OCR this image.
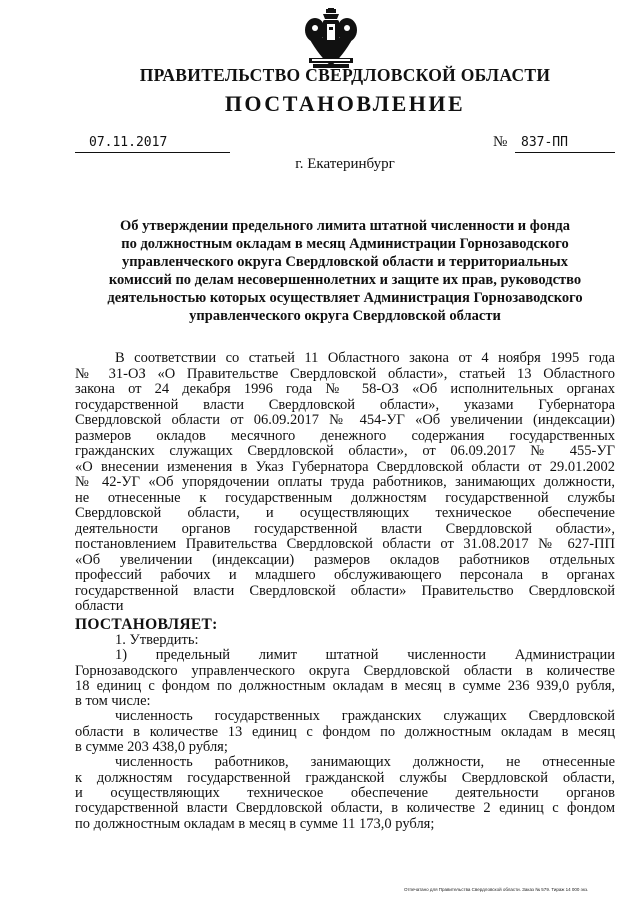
ПРАВИТЕЛЬСТВО СВЕРДЛОВСКОЙ ОБЛАСТИ
ПОСТАНОВЛЕНИЕ
07.11.2017	№ 837-ПП
г. Екатеринбург
Об утверждении предельного лимита штатной численности и фонда
по должностным окладам в месяц Администрации Горнозаводского
управленческого округа Свердловской области и территориальных
комиссий по делам несовершеннолетних и защите их прав, руководство
деятельностью которых осуществляет Администрация Горнозаводского
управленческого округа Свердловской области
В соответствии со статьей 11 Областного закона от 4 ноября 1995 года
№ 31-ОЗ «О Правительстве Свердловской области», статьей 13 Областного
закона от 24 декабря 1996 года № 58-ОЗ «Об исполнительных органах
государственной власти Свердловской области», указами Губернатора
Свердловской области от 06.09.2017 № 454-УГ «Об увеличении (индексации)
размеров окладов месячного денежного содержания государственных
гражданских служащих Свердловской области», от 06.09.2017 № 455-УГ
«О внесении изменения в Указ Губернатора Свердловской области от 29.01.2002
№ 42-УГ «Об упорядочении оплаты труда работников, занимающих должности,
не отнесенные к государственным должностям государственной службы
Свердловской области, и осуществляющих техническое обеспечение
деятельности органов государственной власти Свердловской области»,
постановлением Правительства Свердловской области от 31.08.2017 № 627-ПП
«Об увеличении (индексации) размеров окладов работников отдельных
профессий рабочих и младшего обслуживающего персонала в органах
государственной власти Свердловской области» Правительство Свердловской
области
ПОСТАНОВЛЯЕТ:
1. Утвердить:
1) предельный лимит штатной численности Администрации
Горнозаводского управленческого округа Свердловской области в количестве
18 единиц с фондом по должностным окладам в месяц в сумме 236 939,0 рубля,
в том числе:
численность государственных гражданских служащих Свердловской
области в количестве 13 единиц с фондом по должностным окладам в месяц
в сумме 203 438,0 рубля;
численность работников, занимающих должности, не отнесенные
к должностям государственной гражданской службы Свердловской области,
и осуществляющих техническое обеспечение деятельности органов
государственной власти Свердловской области, в количестве 2 единиц с фондом
по должностным окладам в месяц в сумме 11 173,0 рубля;
Отпечатано для Правительства Свердловской области. Заказ № 579. Тираж 14 000 экз.
